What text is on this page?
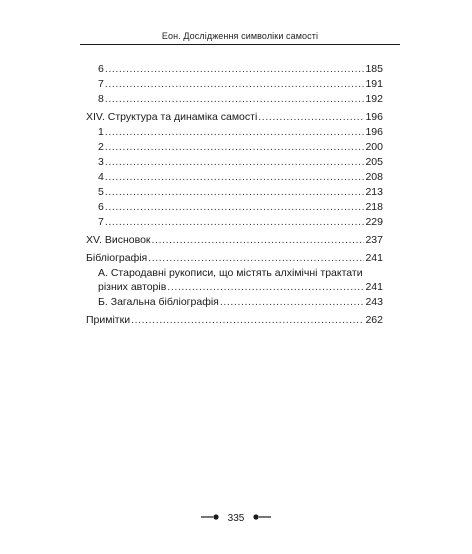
Еон. Дослідження символіки самості
6 .....	185
7 .....	191
8 .....	192
XIV. Структура та динаміка самості .....	196
1 .....	196
2 .....	200
3 .....	205
4 .....	208
5 .....	213
6 .....	218
7 .....	229
XV. Висновок .....	237
Бібліографія .....	241
А. Стародавні рукописи, що містять алхімічні трактати
різних авторів .....	241
Б. Загальна бібліографія .....	243
Примітки .....	262
335
